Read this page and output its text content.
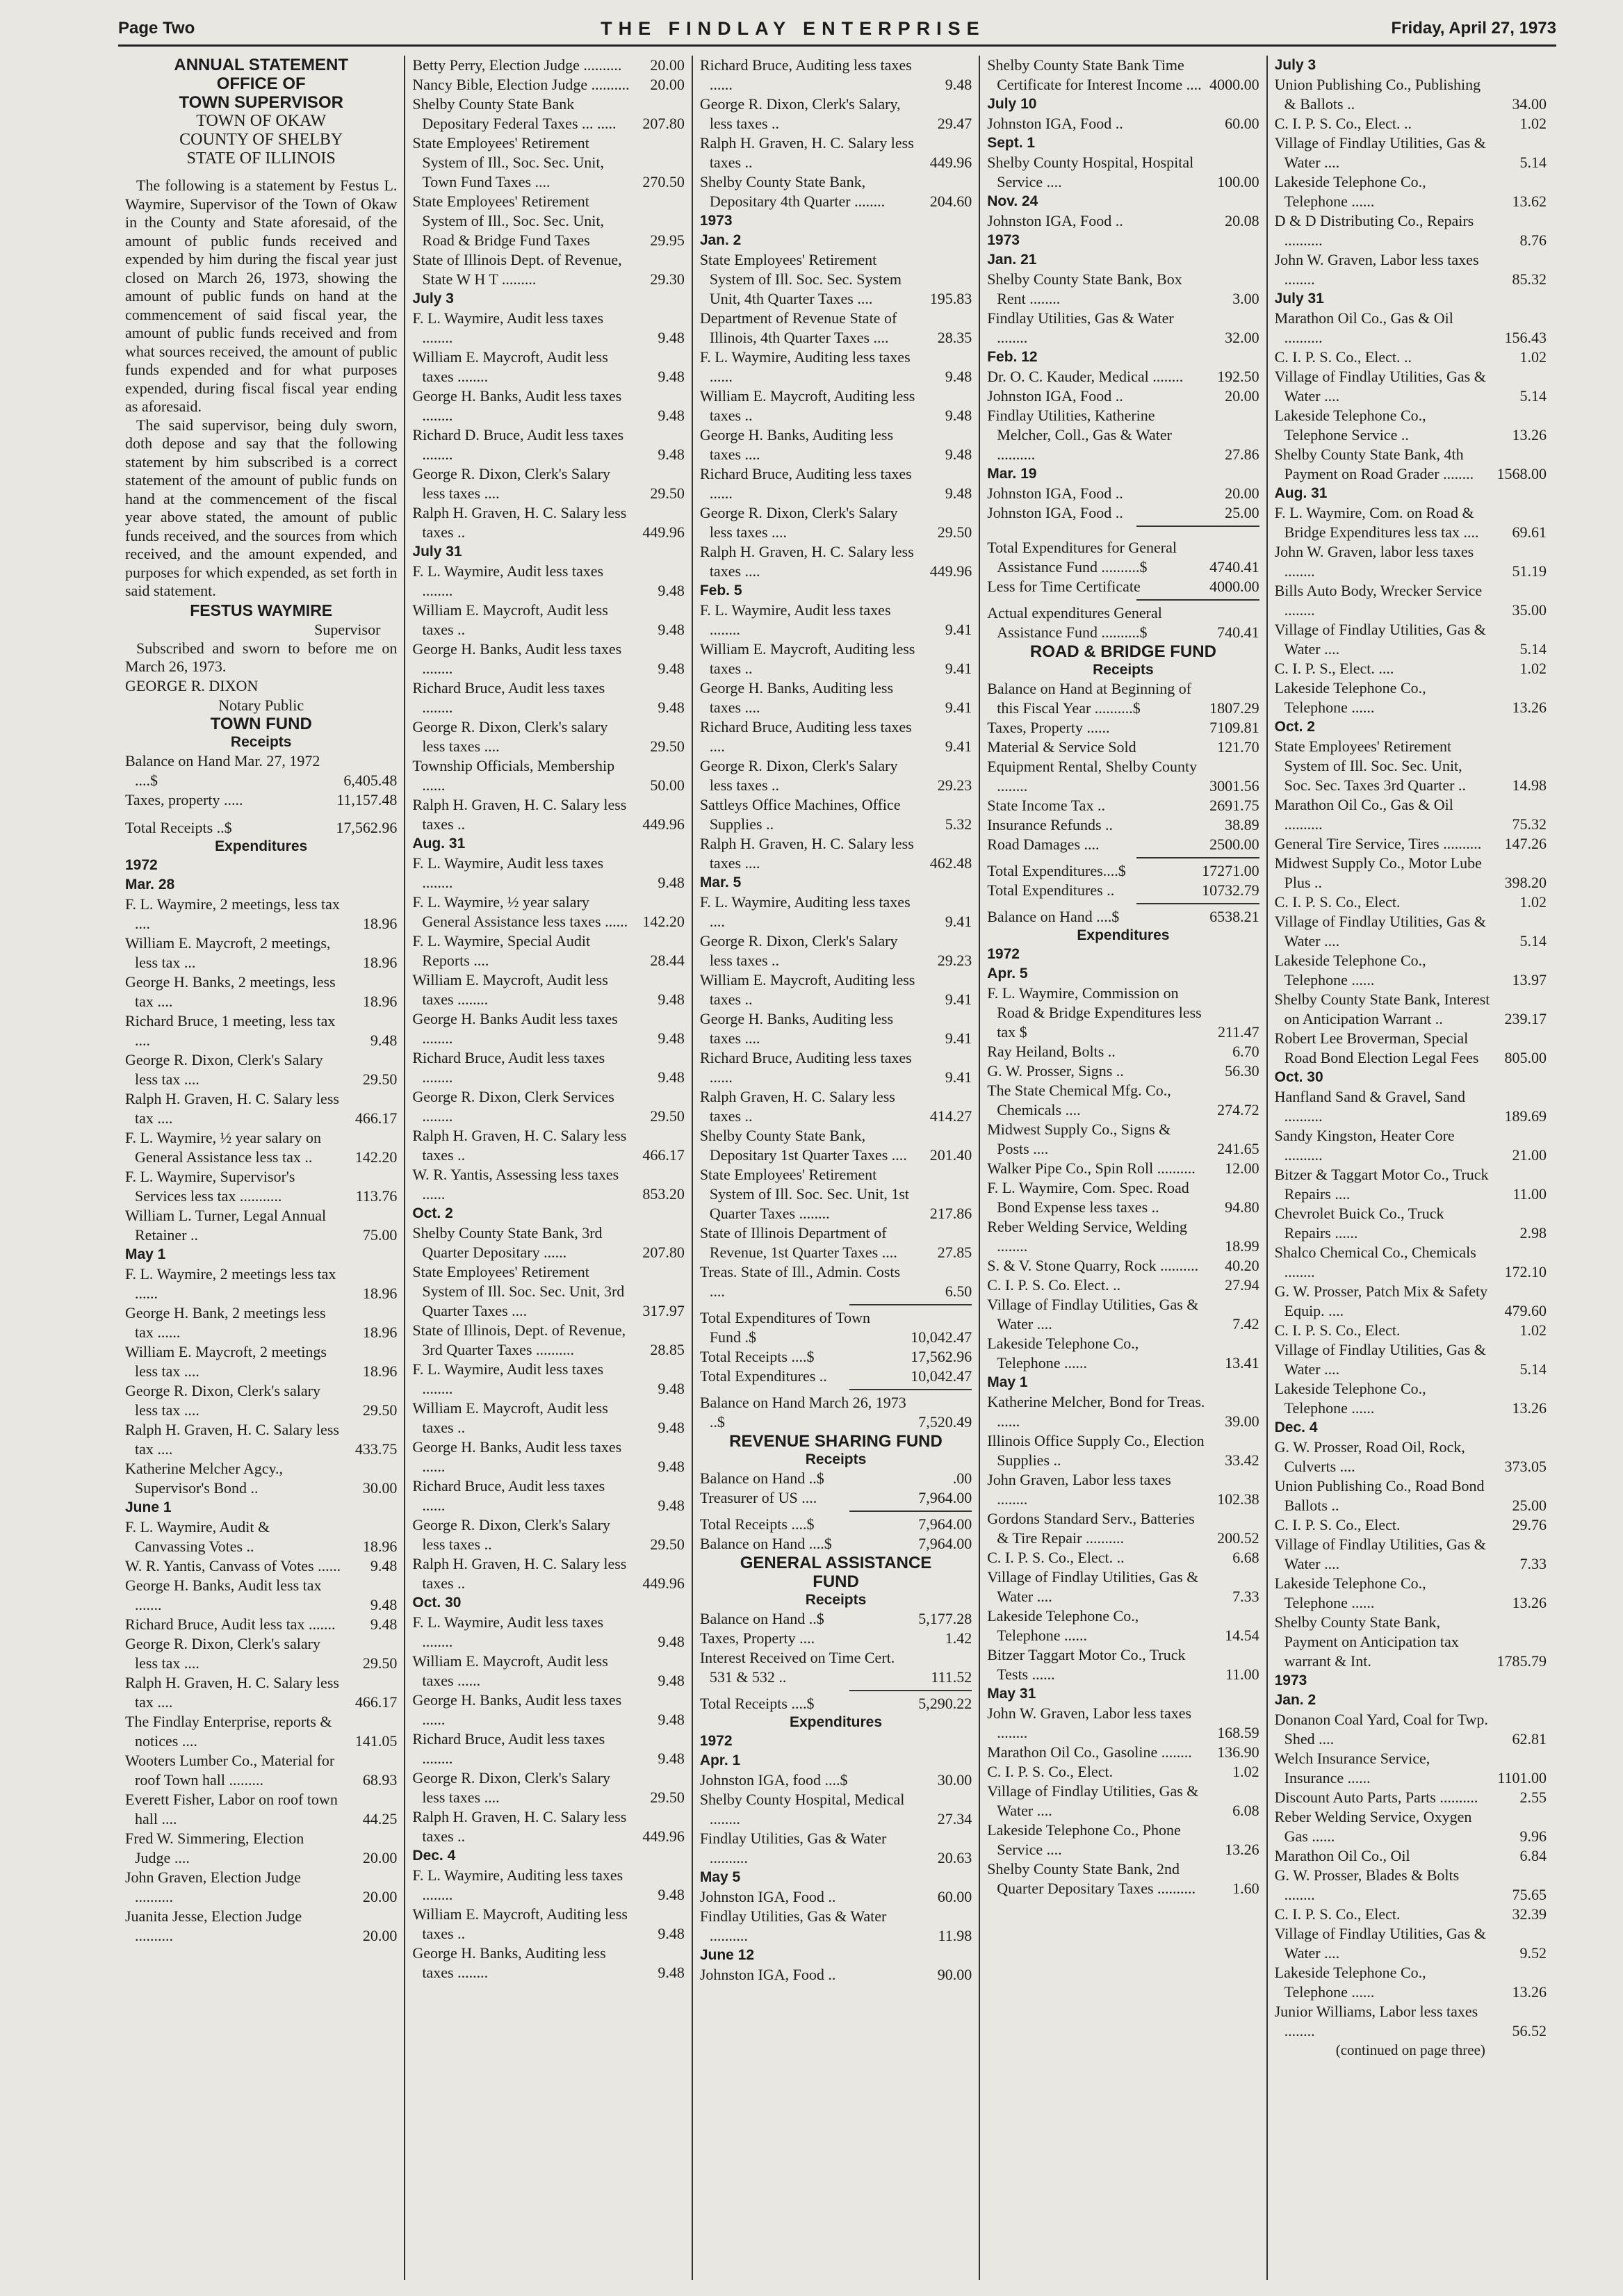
Page Two	THE FINDLAY ENTERPRISE	Friday, April 27, 1973

ANNUAL STATEMENT

OFFICE OF

TOWN SUPERVISOR

TOWN OF OKAW

COUNTY OF SHELBY

STATE OF ILLINOIS

The following is a statement by Festus L. Waymire, Supervisor of the Town of Okaw in the County and State aforesaid, of the amount of public funds received and expended by him during the fiscal year just closed on March 26, 1973, showing the amount of public funds on hand at the commencement of said fiscal year, the amount of public funds received and from what sources received, the amount of public funds expended and for what purposes expended, during fiscal fiscal year ending as aforesaid.

The said supervisor, being duly sworn, doth depose and say that the following statement by him subscribed is a correct statement of the amount of public funds on hand at the commencement of the fiscal year above stated, the amount of public funds received, and the sources from which received, and the amount expended, and purposes for which expended, as set forth in said statement.

FESTUS WAYMIRE

Supervisor

Subscribed and sworn to before me on March 26, 1973.

GEORGE R. DIXON

Notary Public

TOWN FUND

Receipts

Balance on Hand Mar. 27, 1972 ....$	6,405.48
Taxes, property .....	11,157.48
Total Receipts ..$	17,562.96

Expenditures

1972

Mar. 28

F. L. Waymire, 2 meetings, less tax ....	18.96
William E. Maycroft, 2 meetings, less tax ...	18.96
George H. Banks, 2 meetings, less tax ....	18.96
Richard Bruce, 1 meeting, less tax ....	9.48
George R. Dixon, Clerk's Salary less tax ....	29.50
Ralph H. Graven, H. C. Salary less tax ....	466.17
F. L. Waymire, ½ year salary on General Assistance less tax ..	142.20
F. L. Waymire, Supervisor's Services less tax ...........	113.76
William L. Turner, Legal Annual Retainer ..	75.00

May 1

F. L. Waymire, 2 meetings less tax ......	18.96
George H. Bank, 2 meetings less tax ......	18.96
William E. Maycroft, 2 meetings less tax ....	18.96
George R. Dixon, Clerk's salary less tax ....	29.50
Ralph H. Graven, H. C. Salary less tax ....	433.75
Katherine Melcher Agcy., Supervisor's Bond ..	30.00

June 1

F. L. Waymire, Audit & Canvassing Votes ..	18.96
W. R. Yantis, Canvass of Votes ......	9.48
George H. Banks, Audit less tax .......	9.48
Richard Bruce, Audit less tax .......	9.48
George R. Dixon, Clerk's salary less tax ....	29.50
Ralph H. Graven, H. C. Salary less tax ....	466.17
The Findlay Enterprise, reports & notices ....	141.05
Wooters Lumber Co., Material for roof Town hall .........	68.93
Everett Fisher, Labor on roof town hall ....	44.25
Fred W. Simmering, Election Judge ....	20.00
John Graven, Election Judge ..........	20.00
Juanita Jesse, Election Judge ..........	20.00
Betty Perry, Election Judge ..........	20.00
Nancy Bible, Election Judge ..........	20.00
Shelby County State Bank Depositary Federal Taxes ... .....	207.80
State Employees' Retirement System of Ill., Soc. Sec. Unit, Town Fund Taxes ....	270.50
State Employees' Retirement System of Ill., Soc. Sec. Unit, Road & Bridge Fund Taxes	29.95
State of Illinois Dept. of Revenue, State W H T .........	29.30

July 3

F. L. Waymire, Audit less taxes ........	9.48
William E. Maycroft, Audit less taxes ........	9.48
George H. Banks, Audit less taxes ........	9.48
Richard D. Bruce, Audit less taxes ........	9.48
George R. Dixon, Clerk's Salary less taxes ....	29.50
Ralph H. Graven, H. C. Salary less taxes ..	449.96

July 31

F. L. Waymire, Audit less taxes ........	9.48
William E. Maycroft, Audit less taxes ..	9.48
George H. Banks, Audit less taxes ........	9.48
Richard Bruce, Audit less taxes ........	9.48
George R. Dixon, Clerk's salary less taxes ....	29.50
Township Officials, Membership ......	50.00
Ralph H. Graven, H. C. Salary less taxes ..	449.96

Aug. 31

F. L. Waymire, Audit less taxes ........	9.48
F. L. Waymire, ½ year salary General Assistance less taxes ...... 142.20
F. L. Waymire, Special Audit Reports ....	28.44
William E. Maycroft, Audit less taxes ........	9.48
George H. Banks Audit less taxes ........	9.48
Richard Bruce, Audit less taxes ........	9.48
George R. Dixon, Clerk Services ........	29.50
Ralph H. Graven, H. C. Salary less taxes ..	466.17
W. R. Yantis, Assessing less taxes ......	853.20

Oct. 2

Shelby County State Bank, 3rd Quarter Depositary ......	207.80
State Employees' Retirement System of Ill. Soc. Sec. Unit, 3rd Quarter Taxes ....	317.97
State of Illinois, Dept. of Revenue, 3rd Quarter Taxes ..........	28.85
F. L. Waymire, Audit less taxes ........	9.48
William E. Maycroft, Audit less taxes ..	9.48
George H. Banks, Audit less taxes ......	9.48
Richard Bruce, Audit less taxes ......	9.48
George R. Dixon, Clerk's Salary less taxes ..	29.50
Ralph H. Graven, H. C. Salary less taxes ..	449.96

Oct. 30

F. L. Waymire, Audit less taxes ........	9.48
William E. Maycroft, Audit less taxes ......	9.48
George H. Banks, Audit less taxes ......	9.48
Richard Bruce, Audit less taxes ........	9.48
George R. Dixon, Clerk's Salary less taxes ....	29.50
Ralph H. Graven, H. C. Salary less taxes ..	449.96

Dec. 4

F. L. Waymire, Auditing less taxes ........	9.48
William E. Maycroft, Auditing less taxes ..	9.48
George H. Banks, Auditing less taxes ........	9.48
Richard Bruce, Auditing less taxes ......	9.48
George R. Dixon, Clerk's Salary, less taxes ..	29.47
Ralph H. Graven, H. C. Salary less taxes ..	449.96
Shelby County State Bank, Depositary 4th Quarter ........	204.60

1973

Jan. 2

State Employees' Retirement System of Ill. Soc. Sec. System Unit, 4th Quarter Taxes ....	195.83
Department of Revenue State of Illinois, 4th Quarter Taxes ....	28.35
F. L. Waymire, Auditing less taxes ......	9.48
William E. Maycroft, Auditing less taxes ..	9.48
George H. Banks, Auditing less taxes ....	9.48
Richard Bruce, Auditing less taxes ......	9.48
George R. Dixon, Clerk's Salary less taxes ....	29.50
Ralph H. Graven, H. C. Salary less taxes ....	449.96

Feb. 5

F. L. Waymire, Audit less taxes ........	9.41
William E. Maycroft, Auditing less taxes ..	9.41
George H. Banks, Auditing less taxes ....	9.41
Richard Bruce, Auditing less taxes ....	9.41
George R. Dixon, Clerk's Salary less taxes ..	29.23
Sattleys Office Machines, Office Supplies ..	5.32
Ralph H. Graven, H. C. Salary less taxes ....	462.48

Mar. 5

F. L. Waymire, Auditing less taxes ....	9.41
George R. Dixon, Clerk's Salary less taxes ..	29.23
William E. Maycroft, Auditing less taxes ..	9.41
George H. Banks, Auditing less taxes ....	9.41
Richard Bruce, Auditing less taxes ......	9.41
Ralph Graven, H. C. Salary less taxes ..	414.27
Shelby County State Bank, Depositary 1st Quarter Taxes ....	201.40
State Employees' Retirement System of Ill. Soc. Sec. Unit, 1st Quarter Taxes ........	217.86
State of Illinois Department of Revenue, 1st Quarter Taxes ....	27.85
Treas. State of Ill., Admin. Costs ....	6.50
Total Expenditures of Town Fund .$	10,042.47
Total Receipts ....$	17,562.96
Total Expenditures ..	10,042.47
Balance on Hand March 26, 1973 ..$	7,520.49

REVENUE SHARING FUND

Receipts

Balance on Hand ..$	.00
Treasurer of US ....	7,964.00
Total Receipts ....$	7,964.00
Balance on Hand ....$	7,964.00

GENERAL ASSISTANCE

FUND

Receipts

Balance on Hand ..$	5,177.28
Taxes, Property ....	1.42
Interest Received on Time Cert. 531 & 532 ..	111.52
Total Receipts ....$	5,290.22

Expenditures

1972

Apr. 1

Johnston IGA, food ....$	30.00
Shelby County Hospital, Medical ........	27.34
Findlay Utilities, Gas & Water ..........	20.63

May 5

Johnston IGA, Food ..	60.00
Findlay Utilities, Gas & Water ..........	11.98

June 12

Johnston IGA, Food ..	90.00
Shelby County State Bank Time Certificate for Interest Income .... 4000.00

July 10

Johnston IGA, Food ..	60.00

Sept. 1

Shelby County Hospital, Hospital Service ....	100.00

Nov. 24

Johnston IGA, Food ..	20.08

1973

Jan. 21

Shelby County State Bank, Box Rent ........	3.00
Findlay Utilities, Gas & Water ........	32.00

Feb. 12

Dr. O. C. Kauder, Medical ........	192.50
Johnston IGA, Food ..	20.00
Findlay Utilities, Katherine Melcher, Coll., Gas & Water ..........	27.86

Mar. 19

Johnston IGA, Food ..	20.00
Johnston IGA, Food ..	25.00
Total Expenditures for General Assistance Fund ..........$	4740.41
Less for Time Certificate	4000.00
Actual expenditures General Assistance Fund ..........$	740.41

ROAD & BRIDGE FUND

Receipts

Balance on Hand at Beginning of this Fiscal Year ..........$	1807.29
Taxes, Property ......	7109.81
Material & Service Sold	121.70
Equipment Rental, Shelby County ........	3001.56
State Income Tax ..	2691.75
Insurance Refunds ..	38.89
Road Damages ....	2500.00
Total Expenditures....$	17271.00
Total Expenditures ..	10732.79
Balance on Hand ....$	6538.21

Expenditures

1972

Apr. 5

F. L. Waymire, Commission on Road & Bridge Expenditures less tax $	211.47
Ray Heiland, Bolts ..	6.70
G. W. Prosser, Signs ..	56.30
The State Chemical Mfg. Co., Chemicals ....	274.72
Midwest Supply Co., Signs & Posts ....	241.65
Walker Pipe Co., Spin Roll ..........	12.00
F. L. Waymire, Com. Spec. Road Bond Expense less taxes ..	94.80
Reber Welding Service, Welding ........	18.99
S. & V. Stone Quarry, Rock ..........	40.20
C. I. P. S. Co. Elect. ..	27.94
Village of Findlay Utilities, Gas & Water ....	7.42
Lakeside Telephone Co., Telephone ......	13.41

May 1

Katherine Melcher, Bond for Treas. ......	39.00
Illinois Office Supply Co., Election Supplies ..	33.42
John Graven, Labor less taxes ........	102.38
Gordons Standard Serv., Batteries & Tire Repair ..........	200.52
C. I. P. S. Co., Elect. ..	6.68
Village of Findlay Utilities, Gas & Water ....	7.33
Lakeside Telephone Co., Telephone ......	14.54
Bitzer Taggart Motor Co., Truck Tests ......	11.00

May 31

John W. Graven, Labor less taxes ........	168.59
Marathon Oil Co., Gasoline ........	136.90
C. I. P. S. Co., Elect.	1.02
Village of Findlay Utilities, Gas & Water ....	6.08
Lakeside Telephone Co., Phone Service ....	13.26
Shelby County State Bank, 2nd Quarter Depositary Taxes ..........	1.60

July 3

Union Publishing Co., Publishing & Ballots ..	34.00
C. I. P. S. Co., Elect. ..	1.02
Village of Findlay Utilities, Gas & Water ....	5.14
Lakeside Telephone Co., Telephone ......	13.62
D & D Distributing Co., Repairs ..........	8.76
John W. Graven, Labor less taxes ........	85.32

July 31

Marathon Oil Co., Gas & Oil ..........	156.43
C. I. P. S. Co., Elect. ..	1.02
Village of Findlay Utilities, Gas & Water ....	5.14
Lakeside Telephone Co., Telephone Service ..	13.26
Shelby County State Bank, 4th Payment on Road Grader ........	1568.00

Aug. 31

F. L. Waymire, Com. on Road & Bridge Expenditures less tax ....	69.61
John W. Graven, labor less taxes ........	51.19
Bills Auto Body, Wrecker Service ........	35.00
Village of Findlay Utilities, Gas & Water ....	5.14
C. I. P. S., Elect. ....	1.02
Lakeside Telephone Co., Telephone ......	13.26

Oct. 2

State Employees' Retirement System of Ill. Soc. Sec. Unit, Soc. Sec. Taxes 3rd Quarter ..	14.98
Marathon Oil Co., Gas & Oil ..........	75.32
General Tire Service, Tires ..........	147.26
Midwest Supply Co., Motor Lube Plus ..	398.20
C. I. P. S. Co., Elect.	1.02
Village of Findlay Utilities, Gas & Water ....	5.14
Lakeside Telephone Co., Telephone ......	13.97
Shelby County State Bank, Interest on Anticipation Warrant ..	239.17
Robert Lee Broverman, Special Road Bond Election Legal Fees	805.00

Oct. 30

Hanfland Sand & Gravel, Sand ..........	189.69
Sandy Kingston, Heater Core ..........	21.00
Bitzer & Taggart Motor Co., Truck Repairs ....	11.00
Chevrolet Buick Co., Truck Repairs ......	2.98
Shalco Chemical Co., Chemicals ........	172.10
G. W. Prosser, Patch Mix & Safety Equip. ....	479.60
C. I. P. S. Co., Elect.	1.02
Village of Findlay Utilities, Gas & Water ....	5.14
Lakeside Telephone Co., Telephone ......	13.26

Dec. 4

G. W. Prosser, Road Oil, Rock, Culverts ....	373.05
Union Publishing Co., Road Bond Ballots ..	25.00
C. I. P. S. Co., Elect.	29.76
Village of Findlay Utilities, Gas & Water ....	7.33
Lakeside Telephone Co., Telephone ......	13.26
Shelby County State Bank, Payment on Anticipation tax warrant & Int.	1785.79

1973

Jan. 2

Donanon Coal Yard, Coal for Twp. Shed ....	62.81
Welch Insurance Service, Insurance ......	1101.00
Discount Auto Parts, Parts ..........	2.55
Reber Welding Service, Oxygen Gas ......	9.96
Marathon Oil Co., Oil	6.84
G. W. Prosser, Blades & Bolts ........	75.65
C. I. P. S. Co., Elect.	32.39
Village of Findlay Utilities, Gas & Water ....	9.52
Lakeside Telephone Co., Telephone ......	13.26
Junior Williams, Labor less taxes ........	56.52

(continued on page three)
